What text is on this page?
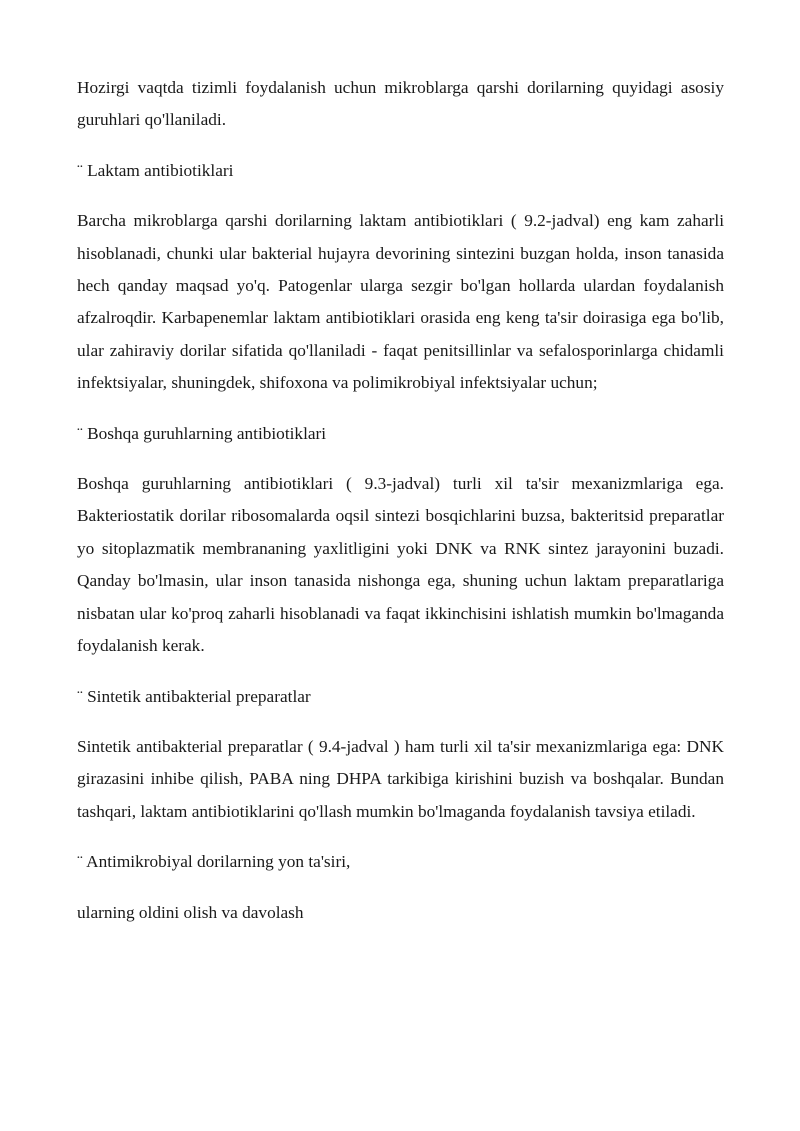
Hozirgi vaqtda tizimli foydalanish uchun mikroblarga qarshi dorilarning quyidagi asosiy guruhlari qo'llaniladi.

¨ Laktam antibiotiklari

Barcha mikroblarga qarshi dorilarning laktam antibiotiklari ( 9.2-jadval) eng kam zaharli hisoblanadi, chunki ular bakterial hujayra devorining sintezini buzgan holda, inson tanasida hech qanday maqsad yo'q. Patogenlar ularga sezgir bo'lgan hollarda ulardan foydalanish afzalroqdir. Karbapenemlar laktam antibiotiklari orasida eng keng ta'sir doirasiga ega bo'lib, ular zahiraviy dorilar sifatida qo'llaniladi - faqat penitsillinlar va sefalosporinlarga chidamli infektsiyalar, shuningdek, shifoxona va polimikrobiyal infektsiyalar uchun;

¨ Boshqa guruhlarning antibiotiklari

Boshqa guruhlarning antibiotiklari ( 9.3-jadval) turli xil ta'sir mexanizmlariga ega. Bakteriostatik dorilar ribosomalarda oqsil sintezi bosqichlarini buzsa, bakteritsid preparatlar yo sitoplazmatik membrananing yaxlitligini yoki DNK va RNK sintez jarayonini buzadi. Qanday bo'lmasin, ular inson tanasida nishonga ega, shuning uchun laktam preparatlariga nisbatan ular ko'proq zaharli hisoblanadi va faqat ikkinchisini ishlatish mumkin bo'lmaganda foydalanish kerak.

¨ Sintetik antibakterial preparatlar

Sintetik antibakterial preparatlar ( 9.4-jadval ) ham turli xil ta'sir mexanizmlariga ega: DNK girazasini inhibe qilish, PABA ning DHPA tarkibiga kirishini buzish va boshqalar. Bundan tashqari, laktam antibiotiklarini qo'llash mumkin bo'lmaganda foydalanish tavsiya etiladi.

¨ Antimikrobiyal dorilarning yon ta'siri,

ularning oldini olish va davolash
